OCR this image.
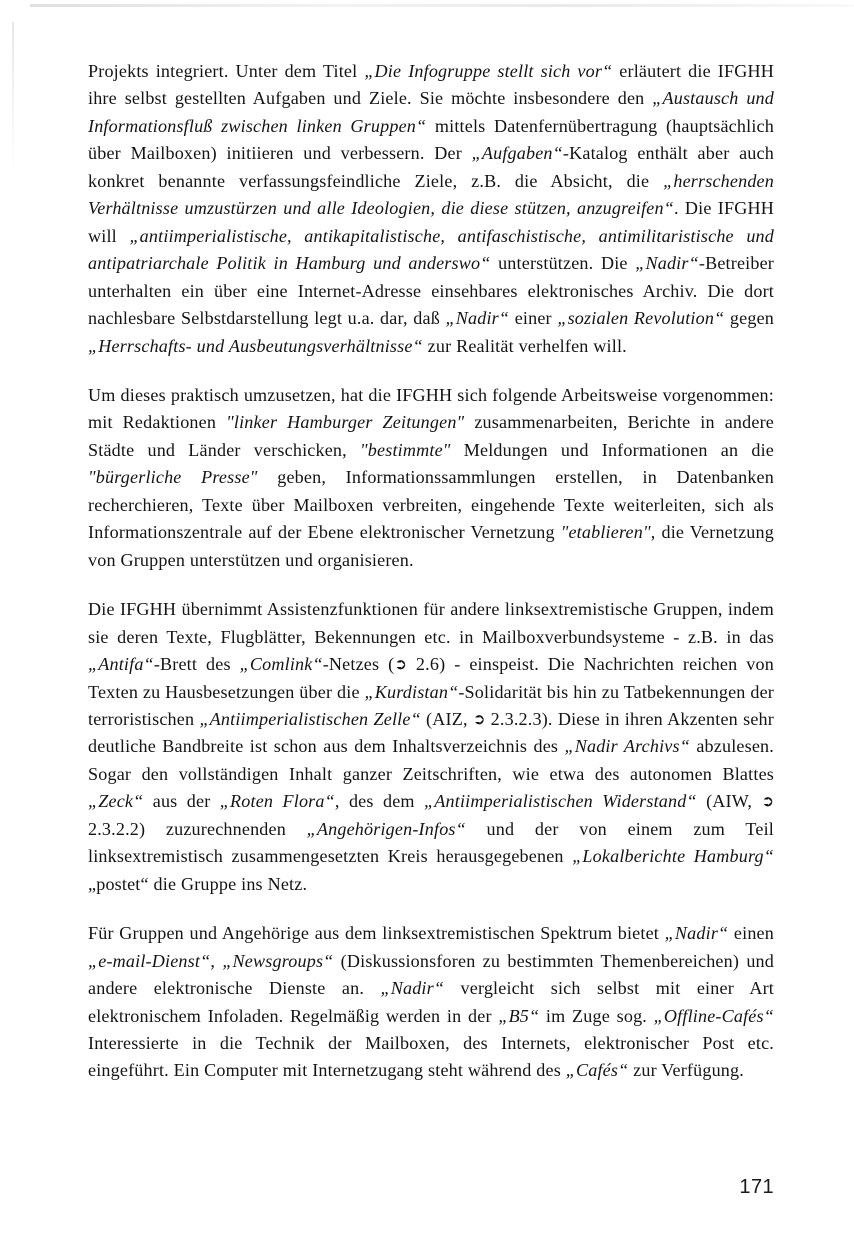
Projekts integriert. Unter dem Titel „Die Infogruppe stellt sich vor“ erläutert die IFGHH ihre selbst gestellten Aufgaben und Ziele. Sie möchte insbesondere den „Austausch und Informationsfluß zwischen linken Gruppen“ mittels Datenfernübertragung (hauptsächlich über Mailboxen) initiieren und verbessern. Der „Aufgaben“-Katalog enthält aber auch konkret benannte verfassungsfeindliche Ziele, z.B. die Absicht, die „herrschenden Verhältnisse umzustürzen und alle Ideologien, die diese stützen, anzugreifen“. Die IFGHH will „antiimperialistische, antikapitalistische, antifaschistische, antimilitaristische und antipatriarchale Politik in Hamburg und anderswo“ unterstützen. Die „Nadir“-Betreiber unterhalten ein über eine Internet-Adresse einsehbares elektronisches Archiv. Die dort nachlesbare Selbstdarstellung legt u.a. dar, daß „Nadir“ einer „sozialen Revolution“ gegen „Herrschafts- und Ausbeutungsverhältnisse“ zur Realität verhelfen will.

Um dieses praktisch umzusetzen, hat die IFGHH sich folgende Arbeitsweise vorgenommen: mit Redaktionen "linker Hamburger Zeitungen" zusammenarbeiten, Berichte in andere Städte und Länder verschicken, "bestimmte" Meldungen und Informationen an die "bürgerliche Presse" geben, Informationssammlungen erstellen, in Datenbanken recherchieren, Texte über Mailboxen verbreiten, eingehende Texte weiterleiten, sich als Informationszentrale auf der Ebene elektronischer Vernetzung "etablieren", die Vernetzung von Gruppen unterstützen und organisieren.

Die IFGHH übernimmt Assistenzfunktionen für andere linksextremistische Gruppen, indem sie deren Texte, Flugblätter, Bekennungen etc. in Mailboxverbundsysteme - z.B. in das „Antifa“-Brett des „Comlink“-Netzes (➲ 2.6) - einspeist. Die Nachrichten reichen von Texten zu Hausbesetzungen über die „Kurdistan“-Solidarität bis hin zu Tatbekennungen der terroristischen „Antiimperialistischen Zelle“ (AIZ, ➲ 2.3.2.3). Diese in ihren Akzenten sehr deutliche Bandbreite ist schon aus dem Inhaltsverzeichnis des „Nadir Archivs“ abzulesen. Sogar den vollständigen Inhalt ganzer Zeitschriften, wie etwa des autonomen Blattes „Zeck“ aus der „Roten Flora“, des dem „Antiimperialistischen Widerstand“ (AIW, ➲ 2.3.2.2) zuzurechnenden „Angehörigen-Infos“ und der von einem zum Teil linksextremistisch zusammengesetzten Kreis herausgegebenen „Lokalberichte Hamburg“ „postet“ die Gruppe ins Netz.

Für Gruppen und Angehörige aus dem linksextremistischen Spektrum bietet „Nadir“ einen „e-mail-Dienst“, „Newsgroups“ (Diskussionsforen zu bestimmten Themenbereichen) und andere elektronische Dienste an. „Nadir“ vergleicht sich selbst mit einer Art elektronischem Infoladen. Regelmäßig werden in der „B5“ im Zuge sog. „Offline-Cafés“ Interessierte in die Technik der Mailboxen, des Internets, elektronischer Post etc. eingeführt. Ein Computer mit Internetzugang steht während des „Cafés“ zur Verfügung.

171
